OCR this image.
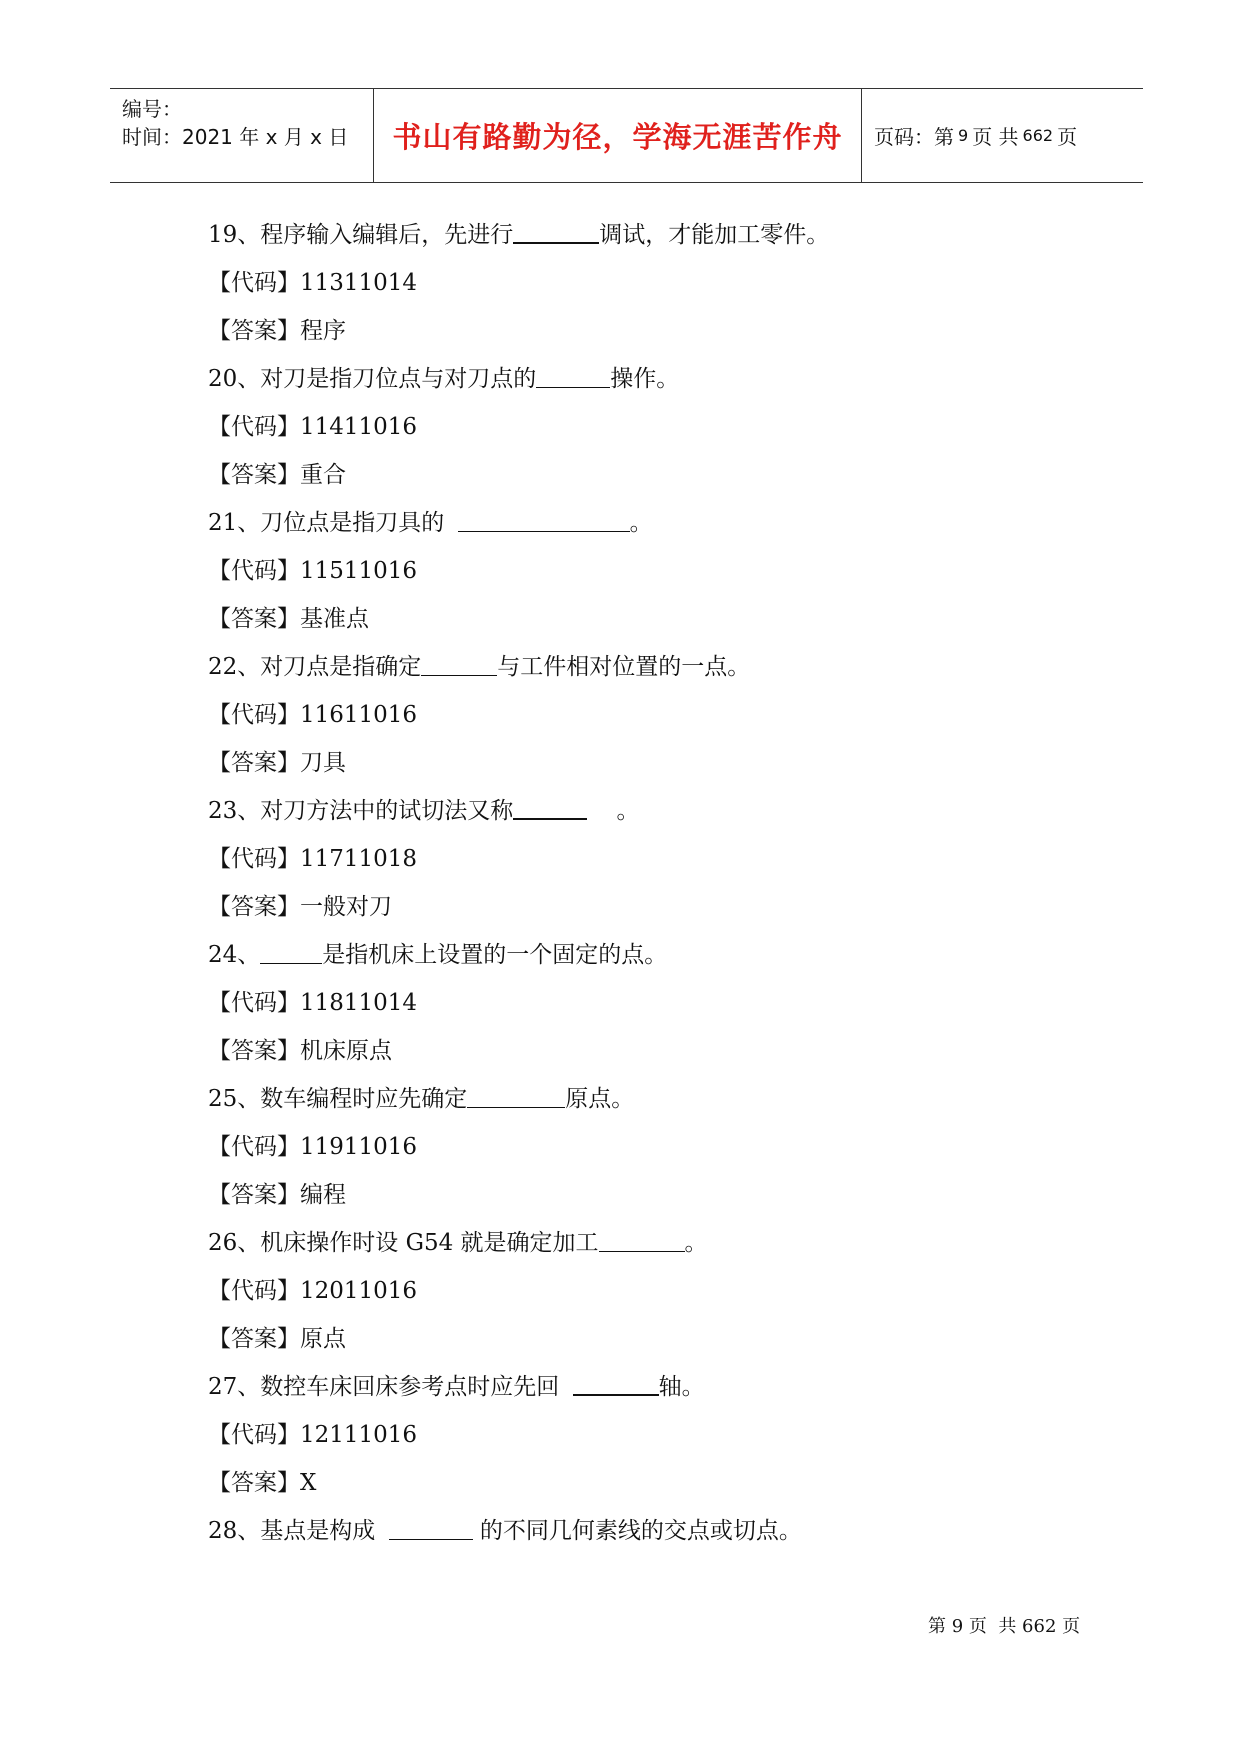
编号：
时间：2021 年 x 月 x 日 书山有路勤为径，学海无涯苦作舟 页码：第 9 页 共 662 页
19、程序输入编辑后，先进行	调试，才能加工零件。
【代码】11311014
【答案】程序
20、对刀是指刀位点与对刀点的	操作。
【代码】11411016
【答案】重合
21、刀位点是指刀具的	。
【代码】11511016
【答案】基准点
22、对刀点是指确定	与工件相对位置的一点。
【代码】11611016
【答案】刀具
23、对刀方法中的试切法又称	。
【代码】11711018
【答案】一般对刀
24、	是指机床上设置的一个固定的点。
【代码】11811014
【答案】机床原点
25、数车编程时应先确定	原点。
【代码】11911016
【答案】编程
26、机床操作时设 G54 就是确定加工	。
【代码】12011016
【答案】原点
27、数控车床回床参考点时应先回	轴。
【代码】12111016
【答案】X
28、基点是构成	的不同几何素线的交点或切点。
第 9 页  共 662 页
